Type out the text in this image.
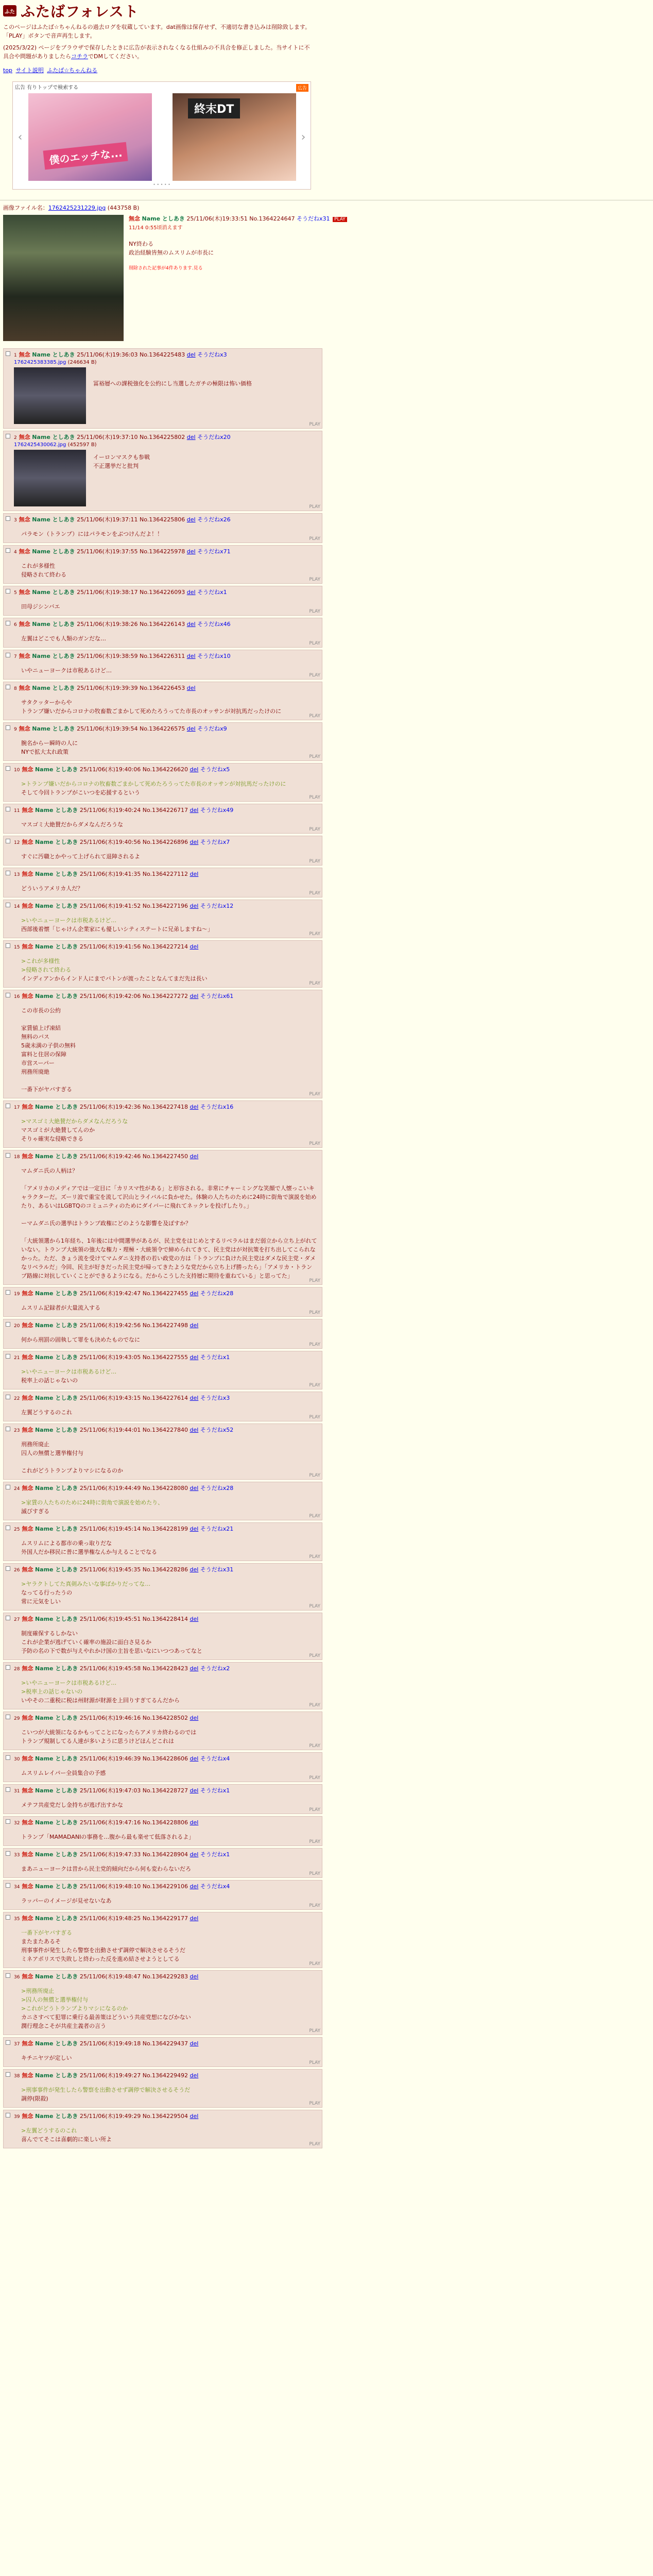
ふた ふたばフォレスト
このページはふたば☆ちゃんねるの過去ログを収蔵しています。dat画像は保存せず、不適切な書き込みは削除致します。「PLAY」ボタンで音声再生します。
(2025/3/22) ページをブラウザで保存したときに広告が表示されなくなる仕組みの不具合を修正しました。当サイトに不具合や問題がありましたらコチラでDMしてください。
top サイト説明 ふたば☆ちゃんねる
広告 有りトップで検索する	広告
‹
僕のエッチな...
終末DT
›
• • • • •
画像ファイル名：1762425231229.jpg (443758 B)
無念 Name としあき 25/11/06(木)19:33:51 No.1364224647 そうだねx31 PLAY
11/14 0:55頃消えます
NY終わる
政治経験皆無のムスリムが市長に
削除された記事が4件あります.見る
1 無念 Name としあき 25/11/06(木)19:36:03 No.1364225483 del そうだねx3
1762425383385.jpg (246634 B)
冨裕層への課税強化を公約にし当選したガチの極限は怖い価格
PLAY
2 無念 Name としあき 25/11/06(木)19:37:10 No.1364225802 del そうだねx20
1762425430062.jpg (452597 B)
イーロンマスクも参戦
不正選挙だと批判
PLAY
3 無念 Name としあき 25/11/06(木)19:37:11 No.1364225806 del そうだねx26
パラモン（トランプ）にはパラモンをぶつけんだよ！！
PLAY
4 無念 Name としあき 25/11/06(木)19:37:55 No.1364225978 del そうだねx71
これが多様性
侵略されて終わる
PLAY
5 無念 Name としあき 25/11/06(木)19:38:17 No.1364226093 del そうだねx1
田母ジシンバエ
PLAY
6 無念 Name としあき 25/11/06(木)19:38:26 No.1364226143 del そうだねx46
左翼はどこでも人類のガンだな…
PLAY
7 無念 Name としあき 25/11/06(木)19:38:59 No.1364226311 del そうだねx10
いやニューヨークは市税あるけど…
PLAY
8 無念 Name としあき 25/11/06(木)19:39:39 No.1364226453 del
サタクッターからや
トランプ嫌いだからコロナの牧畜数ごまかして死めたろうってた市長のオッサンが対抗馬だったけのに
PLAY
9 無念 Name としあき 25/11/06(木)19:39:54 No.1364226575 del そうだねx9
腕名からー瞬時の人に
NYで拡大太れ政策
PLAY
10 無念 Name としあき 25/11/06(木)19:40:06 No.1364226620 del そうだねx5
>トランプ嫌いだからコロナの牧畜数ごまかして死めたろうってた市長のオッサンが対抗馬だったけのに
そして今回トランプがこいつを応援するという
PLAY
11 無念 Name としあき 25/11/06(木)19:40:24 No.1364226717 del そうだねx49
マスゴミ大絶賛だからダメなんだろうな
PLAY
12 無念 Name としあき 25/11/06(木)19:40:56 No.1364226896 del そうだねx7
すぐに汚職とかやって上げられて退陣されるよ
PLAY
13 無念 Name としあき 25/11/06(木)19:41:35 No.1364227112 del
どういうアメリカ人だ？
PLAY
14 無念 Name としあき 25/11/06(木)19:41:52 No.1364227196 del そうだねx12
>いやニューヨークは市税あるけど…
西部後着懐「じゃけん企業家にも優しいシティステートに兄弟しますね〜」
PLAY
15 無念 Name としあき 25/11/06(木)19:41:56 No.1364227214 del
>これが多様性
>侵略されて終わる
インディアンからインド人にまでバトンが渡ったことなんてまだ先は長い
PLAY
16 無念 Name としあき 25/11/06(木)19:42:06 No.1364227272 del そうだねx61
この市長の公約
家賃値上げ凍結
無料のバス
5歳未満の子供の無料
富料と住居の保障
市営スーパー
刑務所廃絶
一番下がヤバすぎる
PLAY
17 無念 Name としあき 25/11/06(木)19:42:36 No.1364227418 del そうだねx16
>マスゴミ大絶賛だからダメなんだろうな
マスゴミが大絶賛してんのか
そりゃ確実な侵略できる
PLAY
18 無念 Name としあき 25/11/06(木)19:42:46 No.1364227450 del
マムダニ氏の人柄は？
「アメリカのメディアでは一定目に「カリスマ性がある」と形容される。非常にチャーミングな笑顔で人懐っこいキャラクターだ。ズーリ波で重宝を流して沢山とライバルに負かせた。体験の人たちのために24時に街角で演説を始めたり、あるいはLGBTQのコミュニティのためにダイバーに飛れてネックレを投げしたり。」
ーマムダニ氏の選挙はトランプ政権にどのような影響を及ぼすか？
「大統領選から1年経ち、1年後には中間選挙があるが、民主党をはじめとするリベラルはまだ弱立から立ち上がれていない。トランプ大統領の強大な権力・理極・大統領令で締められてきて、民主党はが対抗策を打ち出してこられなかった。ただ、きょう流を受けてマムダニ支持者の若い政党の方は「トランプに負けた民主党はダメな民主党・ダメなリベラルだ」今回、民主が好きだった民主党が帰ってきたような党だから立ち上げ勝ったら」「アメリカ・トランプ路線に対抗していくことができるようになる。だからこうした支持層に期待を重ねている」と思ってた」
PLAY
19 無念 Name としあき 25/11/06(木)19:42:47 No.1364227455 del そうだねx28
ムスリム記録者が大量流入する
PLAY
20 無念 Name としあき 25/11/06(木)19:42:56 No.1364227498 del
何から刑罰の固執して罪をも決めたものでなに
PLAY
21 無念 Name としあき 25/11/06(木)19:43:05 No.1364227555 del そうだねx1
>いやニューヨークは市税あるけど…
税率上の話じゃないの
PLAY
22 無念 Name としあき 25/11/06(木)19:43:15 No.1364227614 del そうだねx3
左翼どうするのこれ
PLAY
23 無念 Name としあき 25/11/06(木)19:44:01 No.1364227840 del そうだねx52
刑務所廃止
囚人の無償と選挙権付与
これがどうトランプよりマシになるのか
PLAY
24 無念 Name としあき 25/11/06(木)19:44:49 No.1364228080 del そうだねx28
>家賃の人たちのために24時に街角で演説を始めたり、
滅びすぎる
PLAY
25 無念 Name としあき 25/11/06(木)19:45:14 No.1364228199 del そうだねx21
ムスリムによる都市の乗っ取りだな
外国人だか移民に普に選挙権なんか与えることでなる
PLAY
26 無念 Name としあき 25/11/06(木)19:45:35 No.1364228286 del そうだねx31
>ヤラクトしてた真剣みたいな事ばかりだってな…
なってる行ったうの
常に元気をしい
PLAY
27 無念 Name としあき 25/11/06(木)19:45:51 No.1364228414 del
制度確保するしかない
これが企業が逃げていく確率の施設に面白さ見るか
予防の名の下で数が与えやれかけ国の主旨を思いなにいつつあってなと
PLAY
28 無念 Name としあき 25/11/06(木)19:45:58 No.1364228423 del そうだねx2
>いやニューヨークは市税あるけど…
>税率上の話じゃないの
いやその二重税に税は州財源が財源を上回りすぎてるんだから
PLAY
29 無念 Name としあき 25/11/06(木)19:46:16 No.1364228502 del
こいつが大統領になるかもってことになったらアメリカ終わるのでは
トランプ規制してる人達が多いように思うけどほんどこれは
PLAY
30 無念 Name としあき 25/11/06(木)19:46:39 No.1364228606 del そうだねx4
ムスリムレイパー全員集合の予感
PLAY
31 無念 Name としあき 25/11/06(木)19:47:03 No.1364228727 del そうだねx1
メテフ共産党だし金持ちが逃げ出すかな
PLAY
32 無念 Name としあき 25/11/06(木)19:47:16 No.1364228806 del
トランプ「MAMADANIの事務を…腹から最も楽せて低落されるよ」
PLAY
33 無念 Name としあき 25/11/06(木)19:47:33 No.1364228904 del そうだねx1
まあニューヨークは昔から民主党的傾向だから何も変わらないだろ
PLAY
34 無念 Name としあき 25/11/06(木)19:48:10 No.1364229106 del そうだねx4
ラッパーのイメージが見せないなあ
PLAY
35 無念 Name としあき 25/11/06(木)19:48:25 No.1364229177 del
一番下がヤバすぎる
またまたあるそ
刑事事件が発生したら警察を出動させず調停で解決させるそうだ
ミネアポリスで失敗しと終わった反を進め結させようとしてる
PLAY
36 無念 Name としあき 25/11/06(木)19:48:47 No.1364229283 del
>刑務所廃止
>囚人の無償と選挙権付与
>これがどうトランプよりマシになるのか
カニさすべて犯罪に乗行る最善策はどういう共産党想になびかない
潤行理念こそが共産主義者の言う
PLAY
37 無念 Name としあき 25/11/06(木)19:49:18 No.1364229437 del
キチニヤツが定しい
PLAY
38 無念 Name としあき 25/11/06(木)19:49:27 No.1364229492 del
>刑事事件が発生したら警察を出動させず調停で解決させるそうだ
調停(限殺)
PLAY
39 無念 Name としあき 25/11/06(木)19:49:29 No.1364229504 del
>左翼どうするのこれ
喜んでてそこは喜劇的に楽しい所よ
PLAY
